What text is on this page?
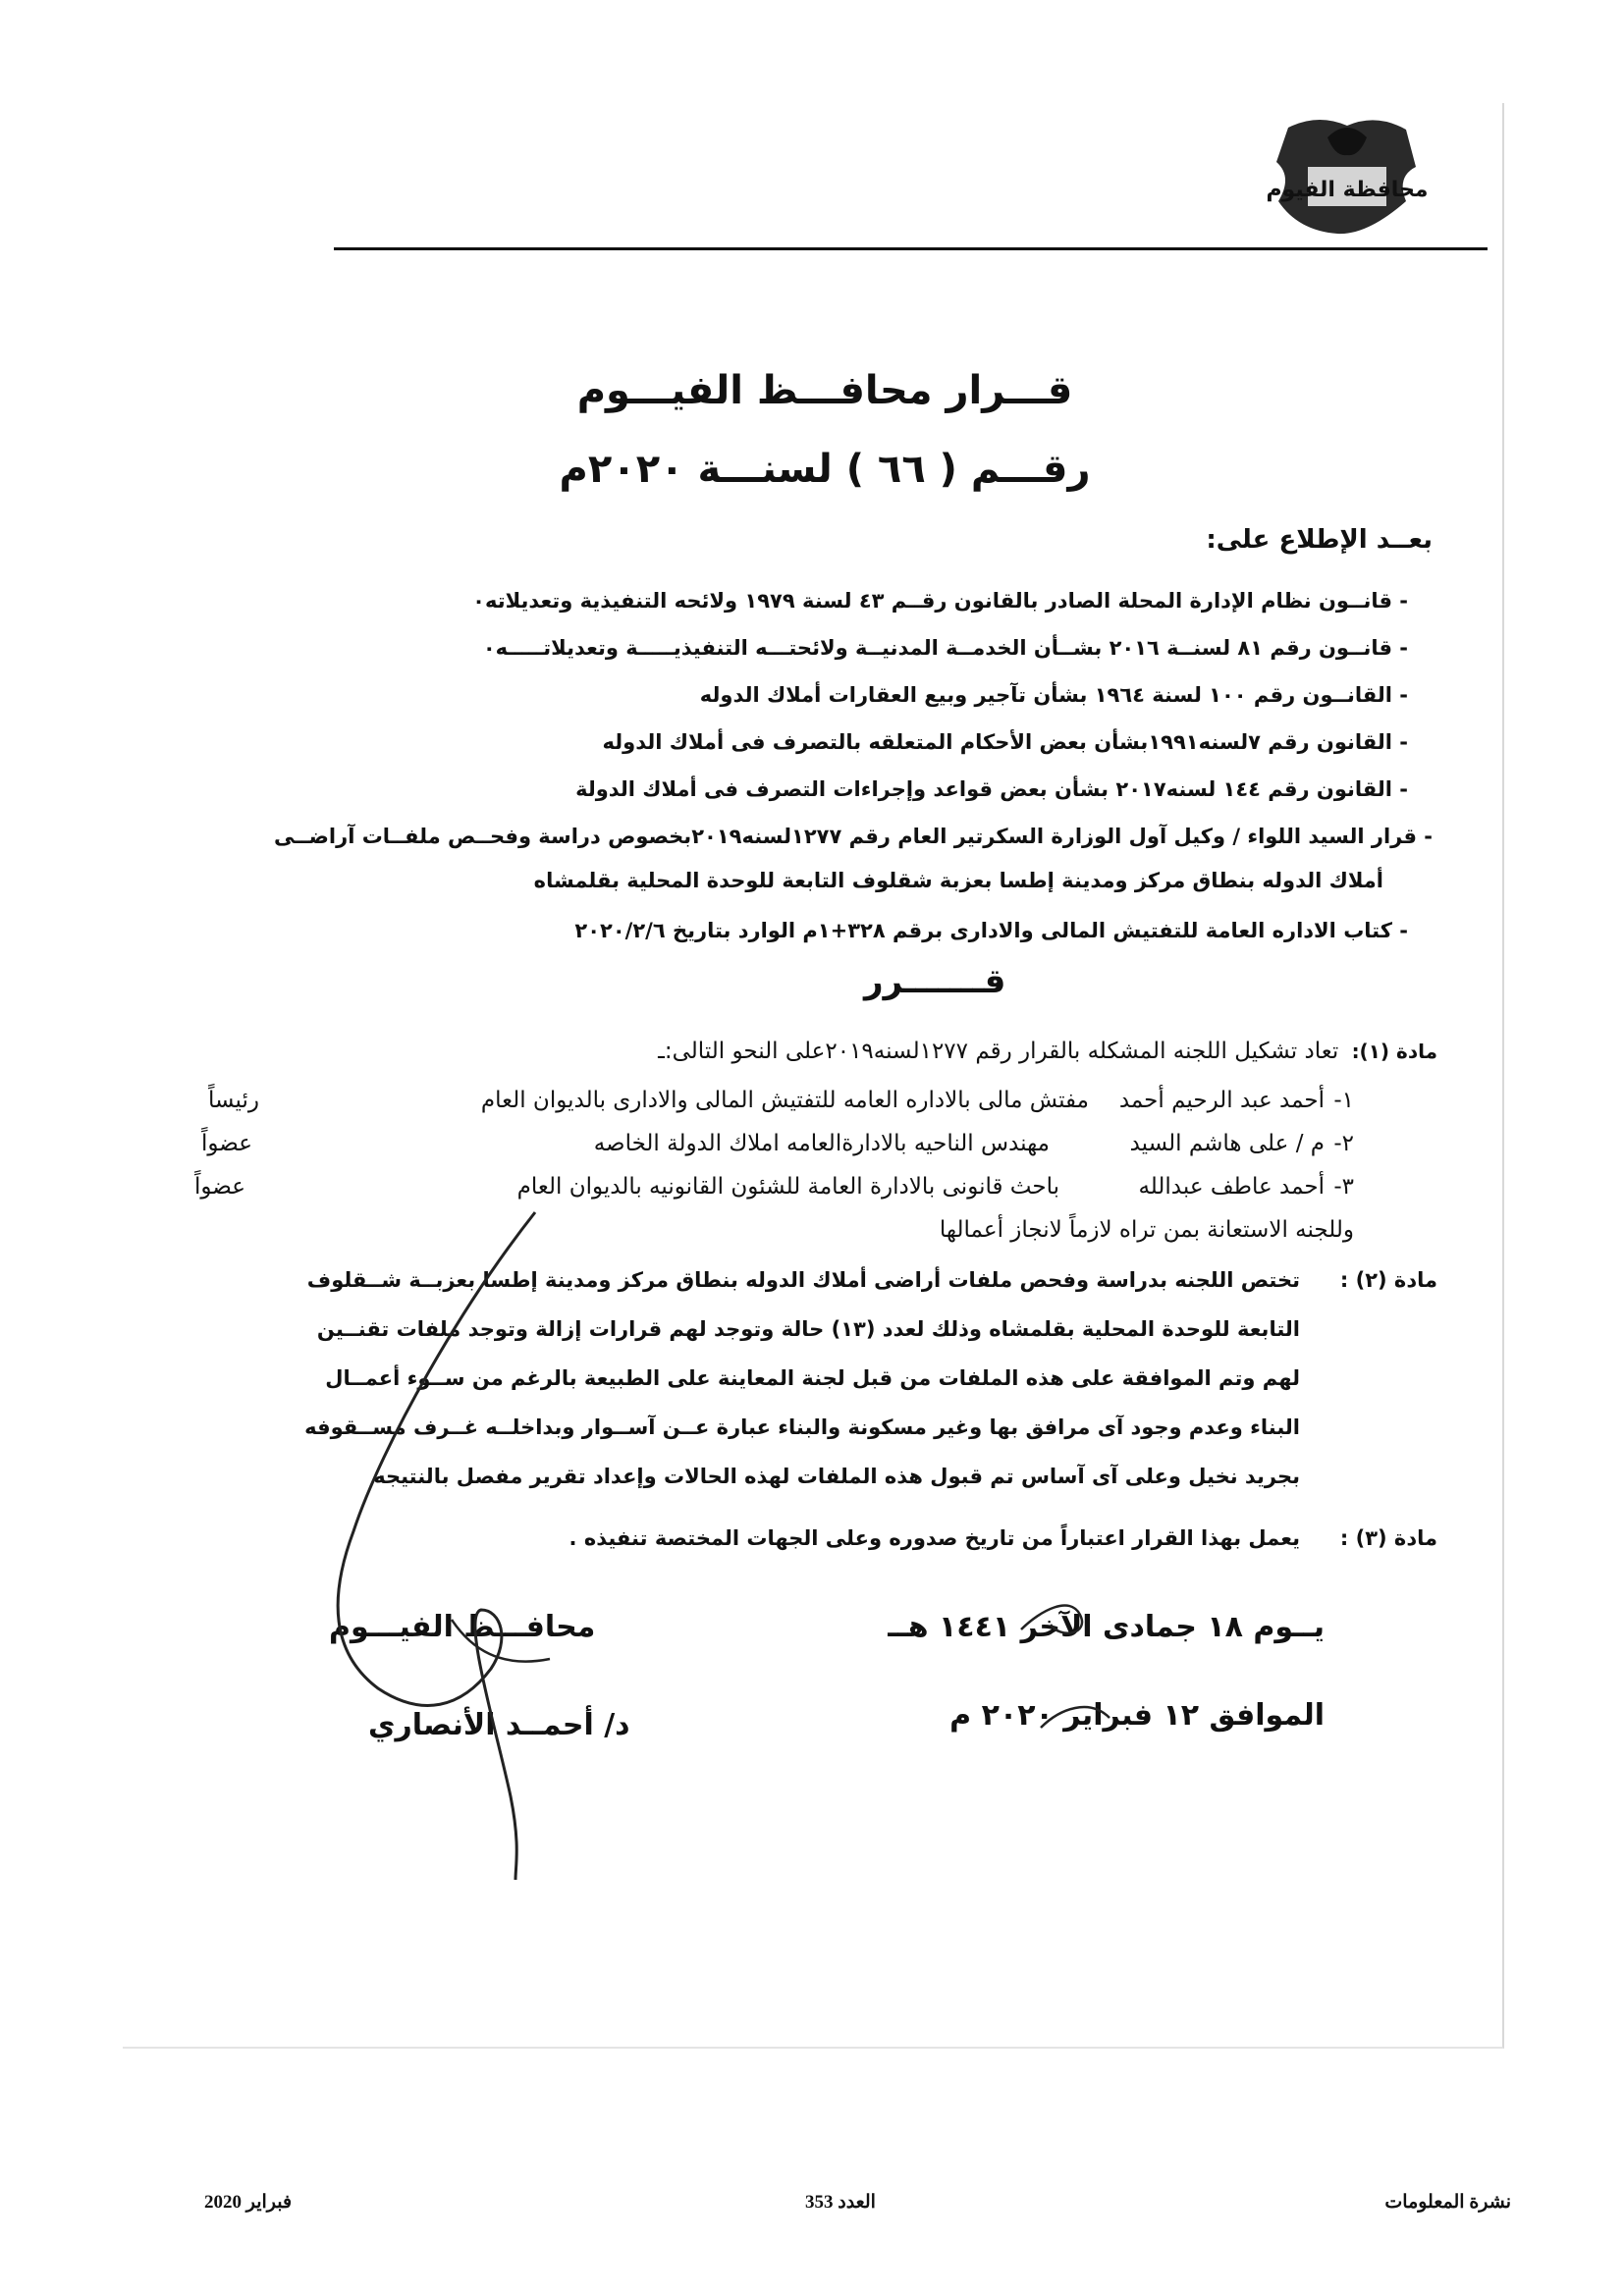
محافظة الفيوم
قـــرار محافـــظ الفيـــوم
رقـــم ( ٦٦ ) لسنـــة ٢٠٢٠م
بعــد الإطلاع على:
- قانــون نظام الإدارة المحلة الصادر بالقانون رقــم ٤٣ لسنة ١٩٧٩ ولائحه التنفيذية وتعديلاته٠
- قانــون رقم ٨١ لسنــة ٢٠١٦ بشــأن الخدمــة المدنيــة ولائحتـــه التنفيذيـــــة وتعديلاتـــــه٠
- القانــون رقم ١٠٠ لسنة ١٩٦٤ بشأن تآجير وبيع العقارات أملاك الدوله
- القانون رقم ٧لسنه١٩٩١بشأن بعض الأحكام المتعلقه بالتصرف فى أملاك الدوله
- القانون رقم ١٤٤ لسنه٢٠١٧ بشأن بعض قواعد وإجراءات التصرف فى أملاك الدولة
- قرار السيد اللواء / وكيل آول الوزارة السكرتير العام رقم ١٢٧٧لسنه٢٠١٩بخصوص دراسة وفحــص ملفــات آراضــى
أملاك الدوله بنطاق مركز ومدينة إطسا بعزبة شقلوف التابعة للوحدة المحلية بقلمشاه
- كتاب الاداره العامة للتفتيش المالى والادارى برقم ٣٢٨+١م الوارد بتاريخ ٢٠٢٠/٢/٦
قـــــــرر
مادة (١): تعاد تشكيل اللجنه المشكله بالقرار رقم ١٢٧٧لسنه٢٠١٩على النحو التالى:ـ
١-
أحمد عبد الرحيم أحمد
مفتش مالى بالاداره العامه للتفتيش المالى والادارى بالديوان العام
رئيساً
٢-
م / على هاشم السيد
مهندس الناحيه بالادارةالعامه املاك الدولة الخاصه
عضواً
٣-
أحمد عاطف عبدالله
باحث قانونى بالادارة العامة للشئون القانونيه بالديوان العام
عضواً
وللجنه الاستعانة بمن تراه لازماً لانجاز أعمالها
مادة (٢) :
تختص اللجنه بدراسة وفحص ملفات أراضى أملاك الدوله بنطاق مركز ومدينة إطسا بعزبــة شــقلوف
التابعة للوحدة المحلية بقلمشاه وذلك لعدد (١٣) حالة وتوجد لهم قرارات إزالة وتوجد ملفات تقنــين
لهم وتم الموافقة على هذه الملفات من قبل لجنة المعاينة على الطبيعة بالرغم من ســوء أعمــال
البناء وعدم وجود آى مرافق بها وغير مسكونة والبناء عبارة عــن آســوار وبداخلــه غــرف مســقوفه
بجريد نخيل وعلى آى آساس تم قبول هذه الملفات لهذه الحالات وإعداد تقرير مفصل بالنتيجه
مادة (٣) :
يعمل بهذا القرار اعتباراً من تاريخ صدوره وعلى الجهات المختصة تنفيذه .
يــوم ١٨ جمادى الآخر ١٤٤١ هــ
الموافق ١٢ فبراير ٢٠٢٠ م
محافـــظ الفيـــوم
د/ أحمــد الأنصاري
فبراير 2020	العدد 353	نشرة المعلومات
